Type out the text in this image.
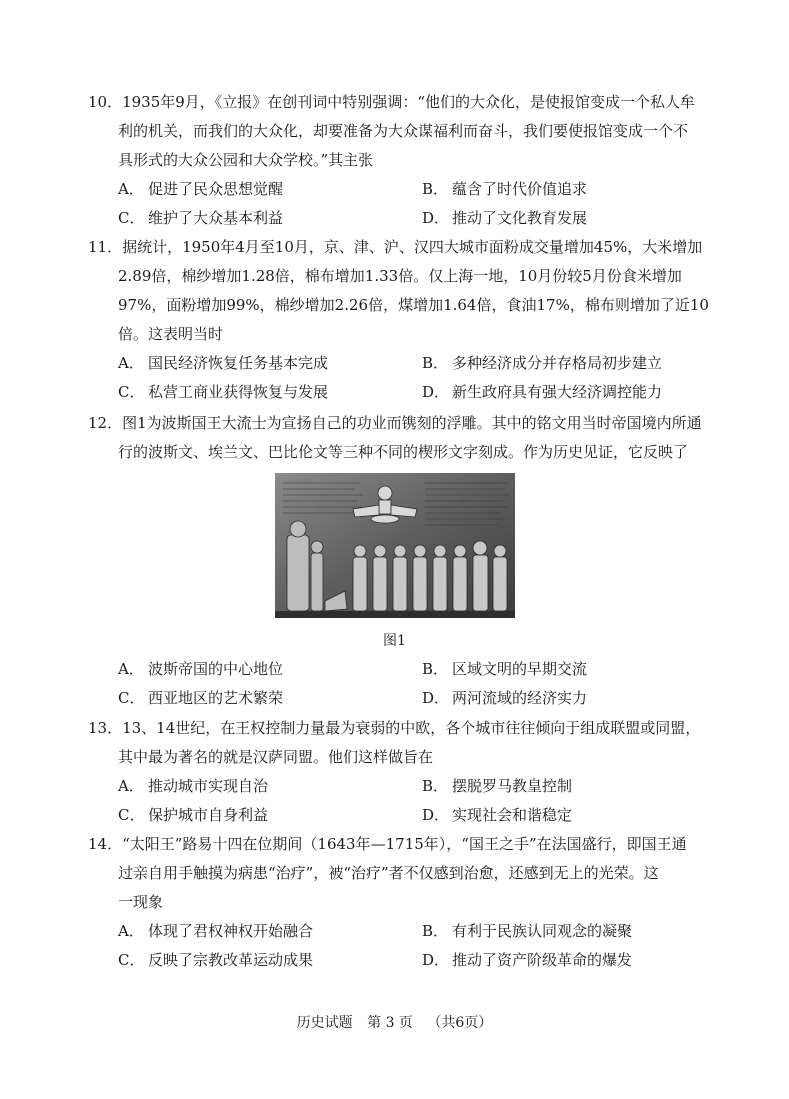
10．1935年9月，《立报》在创刊词中特别强调：“他们的大众化，是使报馆变成一个私人牟
利的机关，而我们的大众化，却要准备为大众谋福利而奋斗，我们要使报馆变成一个不
具形式的大众公园和大众学校。”其主张
A． 促进了民众思想觉醒	B． 蕴含了时代价值追求
C． 维护了大众基本利益	D． 推动了文化教育发展
11．据统计，1950年4月至10月，京、津、沪、汉四大城市面粉成交量增加45%，大米增加
2.89倍，棉纱增加1.28倍，棉布增加1.33倍。仅上海一地，10月份较5月份食米增加
97%，面粉增加99%，棉纱增加2.26倍，煤增加1.64倍，食油17%，棉布则增加了近10
倍。这表明当时
A． 国民经济恢复任务基本完成	B． 多种经济成分并存格局初步建立
C． 私营工商业获得恢复与发展	D． 新生政府具有强大经济调控能力
12．图1为波斯国王大流士为宣扬自己的功业而镌刻的浮雕。其中的铭文用当时帝国境内所通
行的波斯文、埃兰文、巴比伦文等三种不同的楔形文字刻成。作为历史见证，它反映了
图1
A． 波斯帝国的中心地位	B． 区域文明的早期交流
C． 西亚地区的艺术繁荣	D． 两河流域的经济实力
13．13、14世纪，在王权控制力量最为衰弱的中欧，各个城市往往倾向于组成联盟或同盟，
其中最为著名的就是汉萨同盟。他们这样做旨在
A． 推动城市实现自治	B． 摆脱罗马教皇控制
C． 保护城市自身利益	D． 实现社会和谐稳定
14．“太阳王”路易十四在位期间（1643年—1715年），“国王之手”在法国盛行，即国王通
过亲自用手触摸为病患“治疗”，被“治疗”者不仅感到治愈，还感到无上的光荣。这
一现象
A． 体现了君权神权开始融合	B． 有利于民族认同观念的凝聚
C． 反映了宗教改革运动成果	D． 推动了资产阶级革命的爆发
历史试题 第 3 页 （共6页）
